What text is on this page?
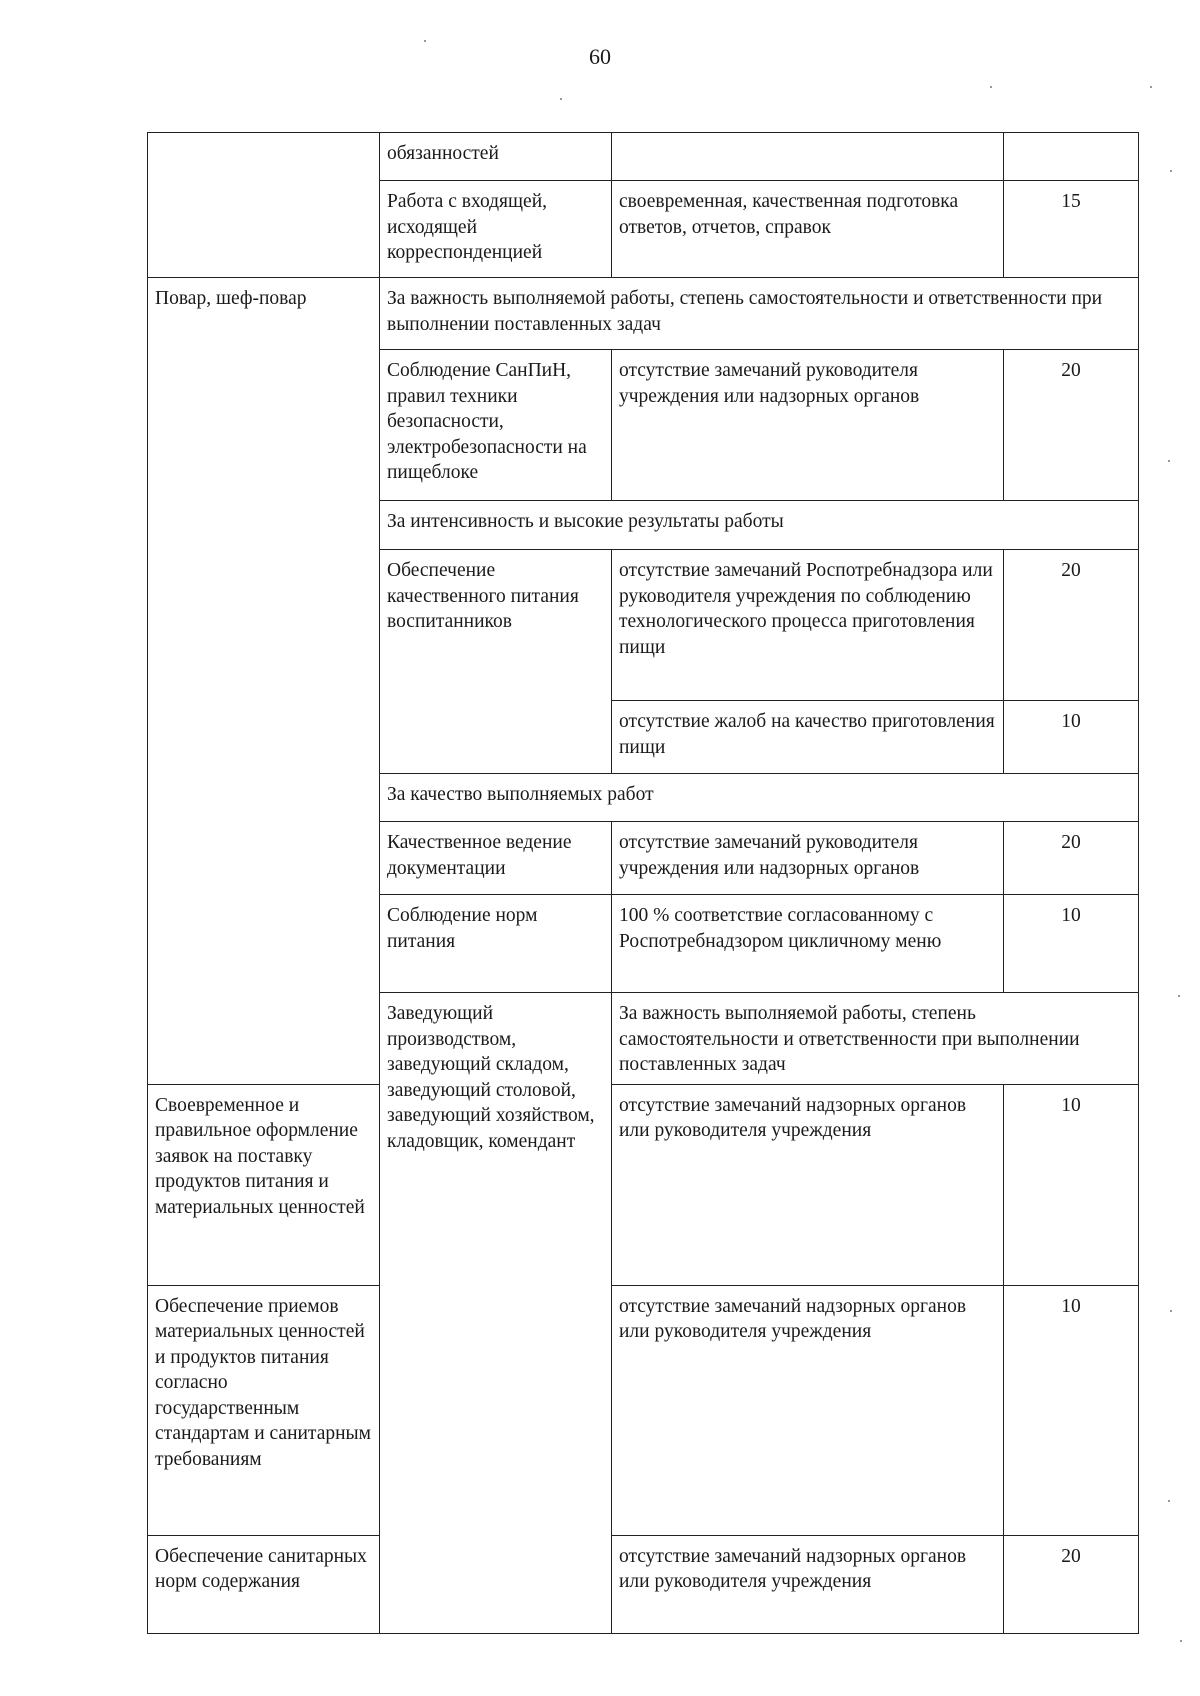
60
	обязанностей		
	Работа с входящей, исходящей корреспонденцией	своевременная, качественная подготовка ответов, отчетов, справок	15
Повар, шеф-повар	За важность выполняемой работы, степень самостоятельности и ответственности при выполнении поставленных задач		
	Соблюдение СанПиН, правил техники безопасности, электробезопасности на пищеблоке	отсутствие замечаний руководителя учреждения или надзорных органов	20
	За интенсивность и высокие результаты работы		
	Обеспечение качественного питания воспитанников	отсутствие замечаний Роспотребнадзора или руководителя учреждения по соблюдению технологического процесса приготовления пищи	20
		отсутствие жалоб на качество приготовления пищи	10
	За качество выполняемых работ		
	Качественное ведение документации	отсутствие замечаний руководителя учреждения или надзорных органов	20
	Соблюдение норм питания	100 % соответствие согласованному с Роспотребнадзором цикличному меню	10
	Заведующий производством, заведующий складом, заведующий столовой, заведующий хозяйством, кладовщик, комендант	За важность выполняемой работы, степень самостоятельности и ответственности при выполнении поставленных задач	
Своевременное и правильное оформление заявок на поставку продуктов питания и материальных ценностей		отсутствие замечаний надзорных органов или руководителя учреждения	10
Обеспечение приемов материальных ценностей и продуктов питания согласно государственным стандартам и санитарным требованиям		отсутствие замечаний надзорных органов или руководителя учреждения	10
Обеспечение санитарных норм содержания		отсутствие замечаний надзорных органов или руководителя учреждения	20
